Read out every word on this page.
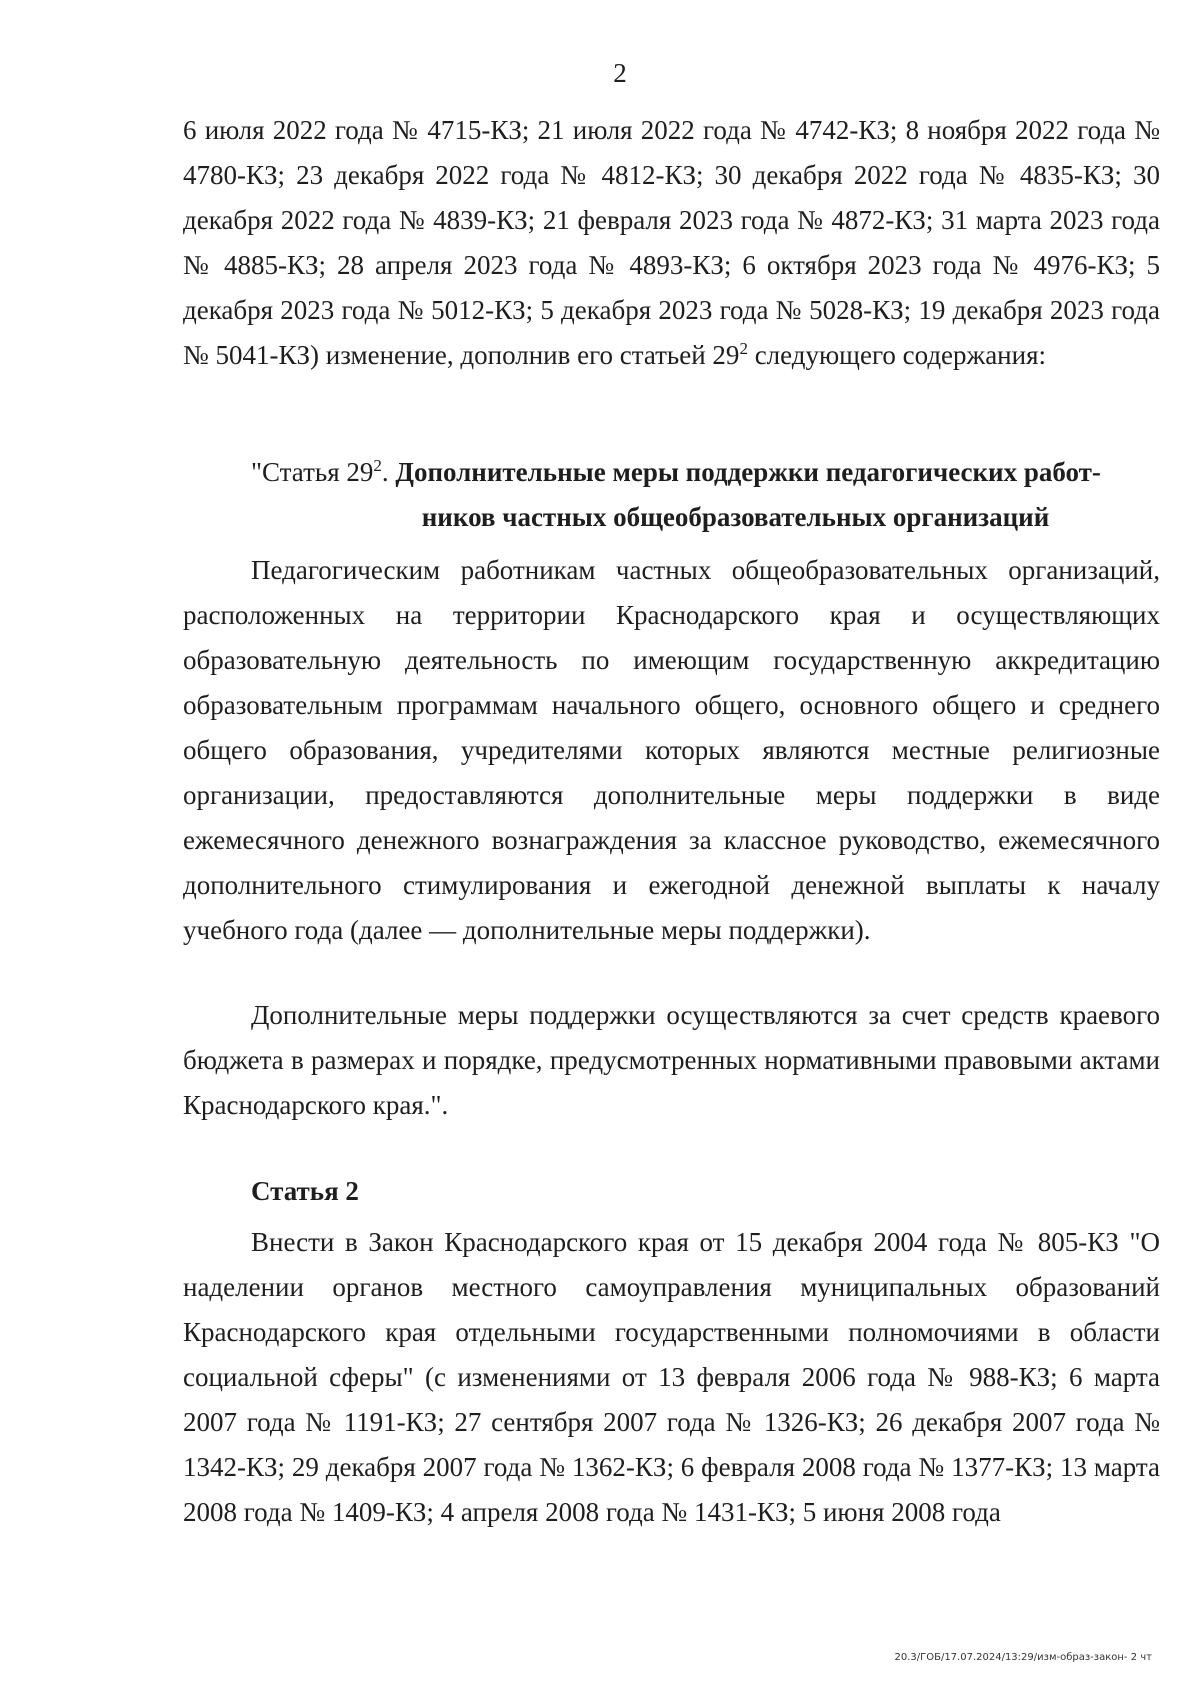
2

6 июля 2022 года № 4715-КЗ; 21 июля 2022 года № 4742-КЗ; 8 ноября 2022 года № 4780-КЗ; 23 декабря 2022 года № 4812-КЗ; 30 декабря 2022 года № 4835-КЗ; 30 декабря 2022 года № 4839-КЗ; 21 февраля 2023 года № 4872-КЗ; 31 марта 2023 года № 4885-КЗ; 28 апреля 2023 года № 4893-КЗ; 6 октября 2023 года № 4976-КЗ; 5 декабря 2023 года № 5012-КЗ; 5 декабря 2023 года № 5028-КЗ; 19 декабря 2023 года № 5041-КЗ) изменение, дополнив его статьей $29^2$ следующего содержания:

"Статья $29^2$. Дополнительные меры поддержки педагогических работ-
ников частных общеобразовательных организаций

Педагогическим работникам частных общеобразовательных организаций, расположенных на территории Краснодарского края и осуществляющих образовательную деятельность по имеющим государственную аккредитацию образовательным программам начального общего, основного общего и среднего общего образования, учредителями которых являются местные религиозные организации, предоставляются дополнительные меры поддержки в виде ежемесячного денежного вознаграждения за классное руководство, ежемесячного дополнительного стимулирования и ежегодной денежной выплаты к началу учебного года (далее — дополнительные меры поддержки).

Дополнительные меры поддержки осуществляются за счет средств краевого бюджета в размерах и порядке, предусмотренных нормативными правовыми актами Краснодарского края.".

Статья 2

Внести в Закон Краснодарского края от 15 декабря 2004 года № 805-КЗ "О наделении органов местного самоуправления муниципальных образований Краснодарского края отдельными государственными полномочиями в области социальной сферы" (с изменениями от 13 февраля 2006 года № 988-КЗ; 6 марта 2007 года № 1191-КЗ; 27 сентября 2007 года № 1326-КЗ; 26 декабря 2007 года № 1342-КЗ; 29 декабря 2007 года № 1362-КЗ; 6 февраля 2008 года № 1377-КЗ; 13 марта 2008 года № 1409-КЗ; 4 апреля 2008 года № 1431-КЗ; 5 июня 2008 года

20.3/ГОБ/17.07.2024/13:29/изм-образ-закон- 2 чт
